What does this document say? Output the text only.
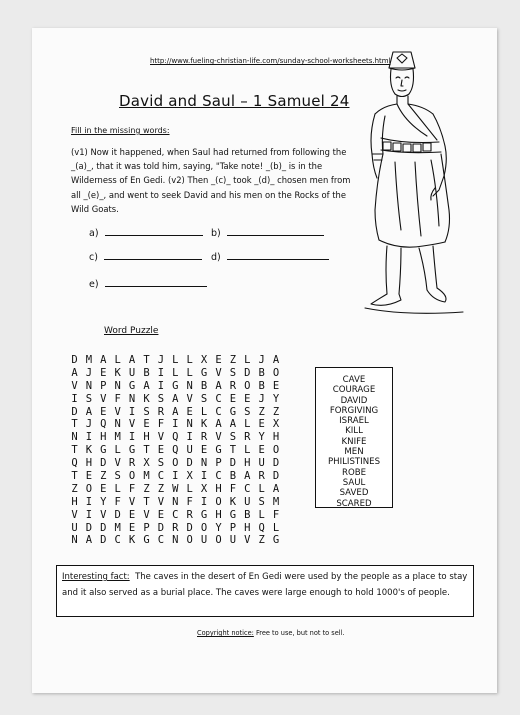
http://www.fueling-christian-life.com/sunday-school-worksheets.html
David and Saul – 1 Samuel 24
Fill in the missing words:
(v1) Now it happened, when Saul had returned from following the _(a)_, that it was told him, saying, "Take note! _(b)_ is in the Wilderness of En Gedi. (v2) Then _(c)_ took _(d)_ chosen men from all _(e)_, and went to seek David and his men on the Rocks of the Wild Goats.
a)	b)
c)	d)
e)
Word Puzzle
D M A L A T J L L X E Z L J A
A J E K U B I L L G V S D B O
V N P N G A I G N B A R O B E
I S V F N K S A V S C E E J Y
D A E V I S R A E L C G S Z Z
T J Q N V E F I N K A A L E X
N I H M I H V Q I R V S R Y H
T K G L G T E Q U E G T L E O
Q H D V R X S O D N P D H U D
T E Z S O M C I X I C B A R D
Z O E L F Z Z W L X H F C L A
H I Y F V T V N F I O K U S M
V I V D E V E C R G H G B L F
U D D M E P D R D O Y P H Q L
N A D C K G C N O U O U V Z G
CAVE
COURAGE
DAVID
FORGIVING
ISRAEL
KILL
KNIFE
MEN
PHILISTINES
ROBE
SAUL
SAVED
SCARED
Interesting fact: The caves in the desert of En Gedi were used by the people as a place to stay and it also served as a burial place. The caves were large enough to hold 1000's of people.
Copyright notice: Free to use, but not to sell.
